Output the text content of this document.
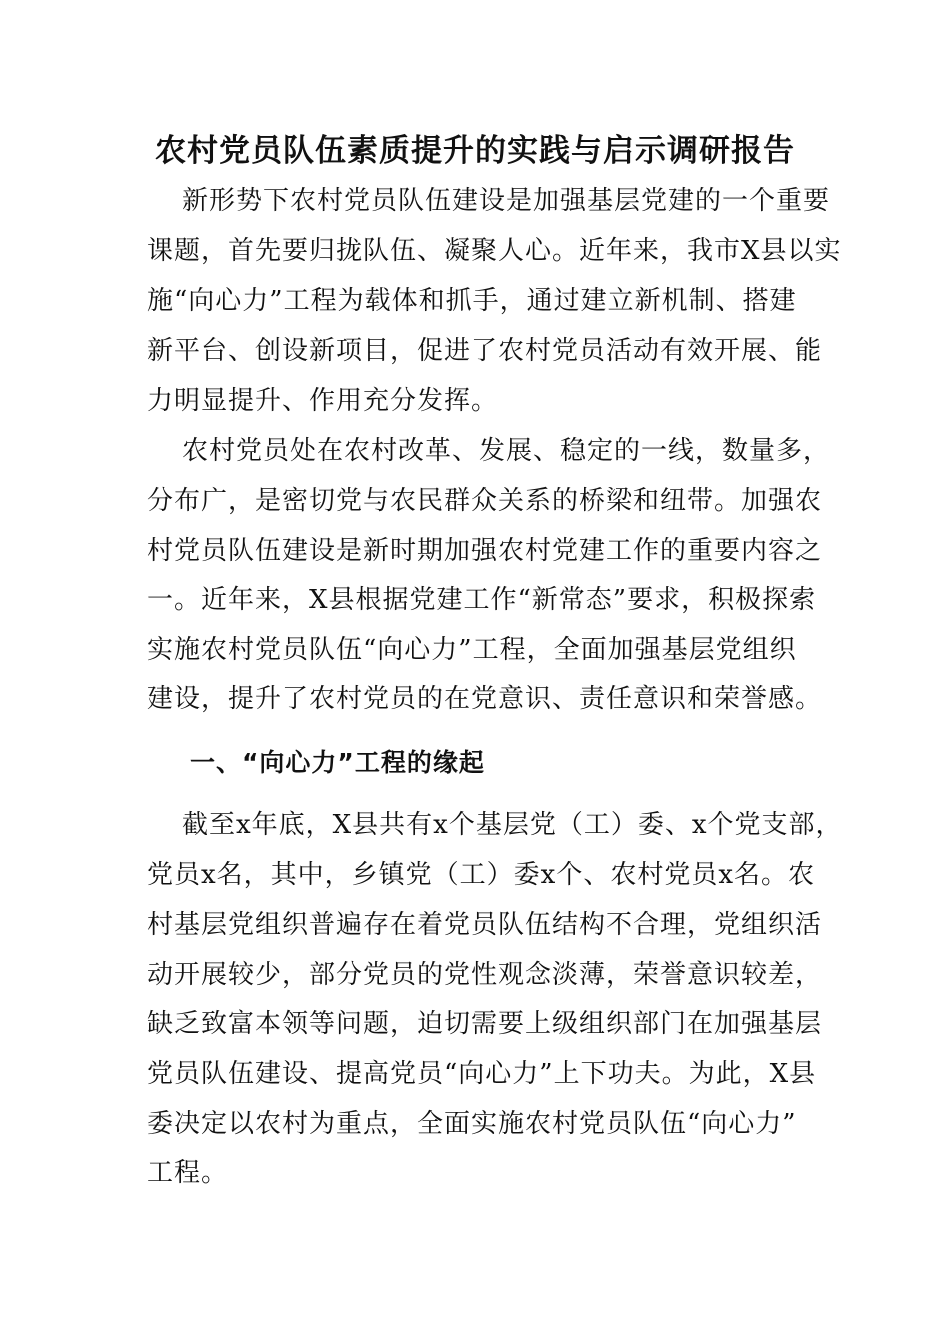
农村党员队伍素质提升的实践与启示调研报告
新形势下农村党员队伍建设是加强基层党建的一个重要
课题，首先要归拢队伍、凝聚人心。近年来，我市X县以实
施“向心力”工程为载体和抓手，通过建立新机制、搭建
新平台、创设新项目，促进了农村党员活动有效开展、能
力明显提升、作用充分发挥。
农村党员处在农村改革、发展、稳定的一线，数量多，
分布广，是密切党与农民群众关系的桥梁和纽带。加强农
村党员队伍建设是新时期加强农村党建工作的重要内容之
一。近年来，X县根据党建工作“新常态”要求，积极探索
实施农村党员队伍“向心力”工程，全面加强基层党组织
建设，提升了农村党员的在党意识、责任意识和荣誉感。
一、“向心力”工程的缘起
截至x年底，X县共有x个基层党（工）委、x个党支部，
党员x名，其中，乡镇党（工）委x个、农村党员x名。农
村基层党组织普遍存在着党员队伍结构不合理，党组织活
动开展较少，部分党员的党性观念淡薄，荣誉意识较差，
缺乏致富本领等问题，迫切需要上级组织部门在加强基层
党员队伍建设、提高党员“向心力”上下功夫。为此，X县
委决定以农村为重点，全面实施农村党员队伍“向心力”
工程。
